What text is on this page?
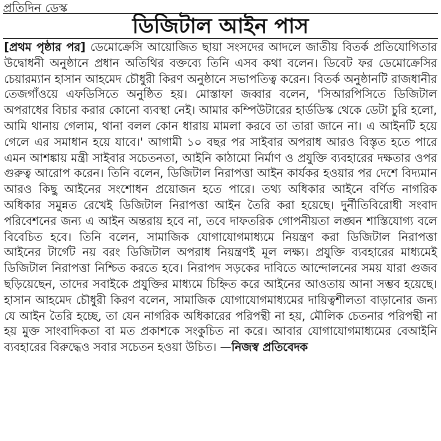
প্রতিদিন ডেস্ক
ডিজিটাল আইন পাস
[প্রথম পৃষ্ঠার পর] ডেমোক্রেসি আয়োজিত ছায়া সংসদের আদলে জাতীয় বিতর্ক প্রতিযোগিতার উদ্বোধনী অনুষ্ঠানে প্রধান অতিথির বক্তব্যে তিনি এসব কথা বলেন। ডিবেট ফর ডেমোক্রেসির চেয়ারম্যান হাসান আহমেদ চৌধুরী কিরণ অনুষ্ঠানে সভাপতিত্ব করেন। বিতর্ক অনুষ্ঠানটি রাজধানীর তেজগাঁওয়ে এফডিসিতে অনুষ্ঠিত হয়। মোস্তাফা জব্বার বলেন, 'সিআরপিসিতে ডিজিটাল অপরাধের বিচার করার কোনো ব্যবস্থা নেই। আমার কম্পিউটারের হার্ডডিস্ক থেকে ডেটা চুরি হলো, আমি থানায় গেলাম, থানা বলল কোন ধারায় মামলা করবে তা তারা জানে না। এ আইনটি হয়ে গেলে এর সমাধান হয়ে যাবে।' আগামী ১০ বছর পর সাইবার অপরাধ আরও বিস্তৃত হতে পারে এমন আশঙ্কায় মন্ত্রী সাইবার সচেতনতা, আইনি কাঠামো নির্মাণ ও প্রযুক্তি ব্যবহারের দক্ষতার ওপর গুরুত্ব আরোপ করেন। তিনি বলেন, ডিজিটাল নিরাপত্তা আইন কার্যকর হওয়ার পর দেশে বিদ্যমান আরও কিছু আইনের সংশোধন প্রয়োজন হতে পারে। তথ্য অধিকার আইনে বর্ণিত নাগরিক অধিকার সমুন্নত রেখেই ডিজিটাল নিরাপত্তা আইন তৈরি করা হয়েছে। দুর্নীতিবিরোধী সংবাদ পরিবেশনের জন্য এ আইন অন্তরায় হবে না, তবে দাফতরিক গোপনীয়তা লঙ্ঘন শাস্তিযোগ্য বলে বিবেচিত হবে। তিনি বলেন, সামাজিক যোগাযোগমাধ্যমে নিয়ন্ত্রণ করা ডিজিটাল নিরাপত্তা আইনের টার্গেট নয় বরং ডিজিটাল অপরাধ নিয়ন্ত্রণই মূল লক্ষ্য। প্রযুক্তি ব্যবহারের মাধ্যমেই ডিজিটাল নিরাপত্তা নিশ্চিত করতে হবে। নিরাপদ সড়কের দাবিতে আন্দোলনের সময় যারা গুজব ছড়িয়েছেন, তাদের সবাইকে প্রযুক্তির মাধ্যমে চিহ্নিত করে আইনের আওতায় আনা সম্ভব হয়েছে। হাসান আহমেদ চৌধুরী কিরণ বলেন, সামাজিক যোগাযোগমাধ্যমের দায়িত্বশীলতা বাড়ানোর জন্য যে আইন তৈরি হচ্ছে, তা যেন নাগরিক অধিকারের পরিপন্থী না হয়, মৌলিক চেতনার পরিপন্থী না হয় মুক্ত সাংবাদিকতা বা মত প্রকাশকে সংকুচিত না করে। আবার যোগাযোগমাধ্যমের বেআইনি ব্যবহারের বিরুদ্ধেও সবার সচেতন হওয়া উচিত। —নিজস্ব প্রতিবেদক
